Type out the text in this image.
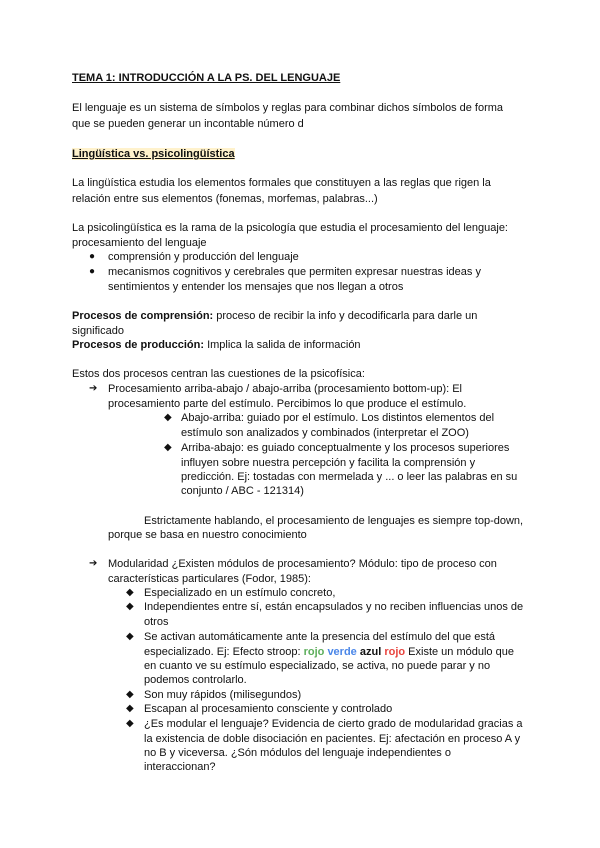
TEMA 1: INTRODUCCIÓN A LA PS. DEL LENGUAJE
El lenguaje es un sistema de símbolos y reglas para combinar dichos símbolos de forma
que se pueden generar un incontable número d
Lingüística vs. psicolingüística
La lingüística estudia los elementos formales que constituyen a las reglas que rigen la
relación entre sus elementos (fonemas, morfemas, palabras...)
La psicolingüística es la rama de la psicología que estudia el procesamiento del lenguaje:
procesamiento del lenguaje
● comprensión y producción del lenguaje
● mecanismos cognitivos y cerebrales que permiten expresar nuestras ideas y
sentimientos y entender los mensajes que nos llegan a otros
Procesos de comprensión: proceso de recibir la info y decodificarla para darle un
significado
Procesos de producción: Implica la salida de información
Estos dos procesos centran las cuestiones de la psicofísica:
➔ Procesamiento arriba-abajo / abajo-arriba (procesamiento bottom-up): El
procesamiento parte del estímulo. Percibimos lo que produce el estímulo.
◆ Abajo-arriba: guiado por el estímulo. Los distintos elementos del
estímulo son analizados y combinados (interpretar el ZOO)
◆ Arriba-abajo: es guiado conceptualmente y los procesos superiores
influyen sobre nuestra percepción y facilita la comprensión y
predicción. Ej: tostadas con mermelada y ... o leer las palabras en su
conjunto / ABC - 121314)
Estrictamente hablando, el procesamiento de lenguajes es siempre top-down,
porque se basa en nuestro conocimiento
➔ Modularidad ¿Existen módulos de procesamiento? Módulo: tipo de proceso con
características particulares (Fodor, 1985):
◆ Especializado en un estímulo concreto,
◆ Independientes entre sí, están encapsulados y no reciben influencias unos de
otros
◆ Se activan automáticamente ante la presencia del estímulo del que está
especializado. Ej: Efecto stroop: rojo verde azul rojo Existe un módulo que
en cuanto ve su estímulo especializado, se activa, no puede parar y no
podemos controlarlo.
◆ Son muy rápidos (milisegundos)
◆ Escapan al procesamiento consciente y controlado
◆ ¿Es modular el lenguaje? Evidencia de cierto grado de modularidad gracias a
la existencia de doble disociación en pacientes. Ej: afectación en proceso A y
no B y viceversa. ¿Són módulos del lenguaje independientes o
interaccionan?
